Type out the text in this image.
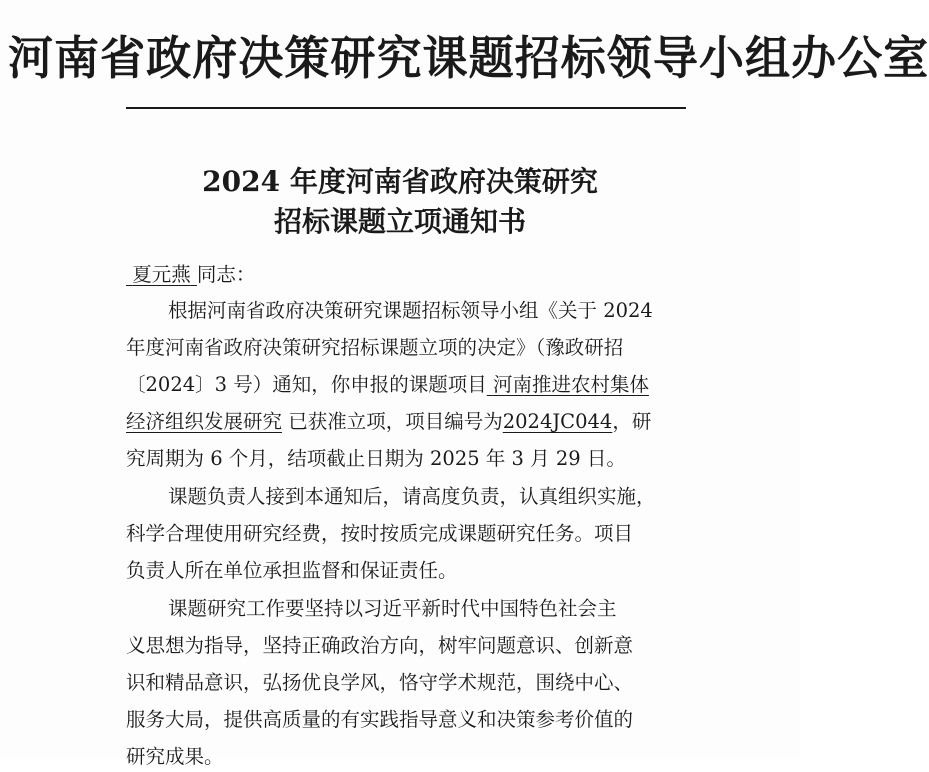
河南省政府决策研究课题招标领导小组办公室
2024 年度河南省政府决策研究
招标课题立项通知书
夏元燕 同志：
根据河南省政府决策研究课题招标领导小组《关于 2024
年度河南省政府决策研究招标课题立项的决定》（豫政研招
〔2024〕3 号）通知，你申报的课题项目 河南推进农村集体
经济组织发展研究 已获准立项，项目编号为2024JC044，研
究周期为 6 个月，结项截止日期为 2025 年 3 月 29 日。
课题负责人接到本通知后，请高度负责，认真组织实施，
科学合理使用研究经费，按时按质完成课题研究任务。项目
负责人所在单位承担监督和保证责任。
课题研究工作要坚持以习近平新时代中国特色社会主
义思想为指导，坚持正确政治方向，树牢问题意识、创新意
识和精品意识，弘扬优良学风，恪守学术规范，围绕中心、
服务大局，提供高质量的有实践指导意义和决策参考价值的
研究成果。
